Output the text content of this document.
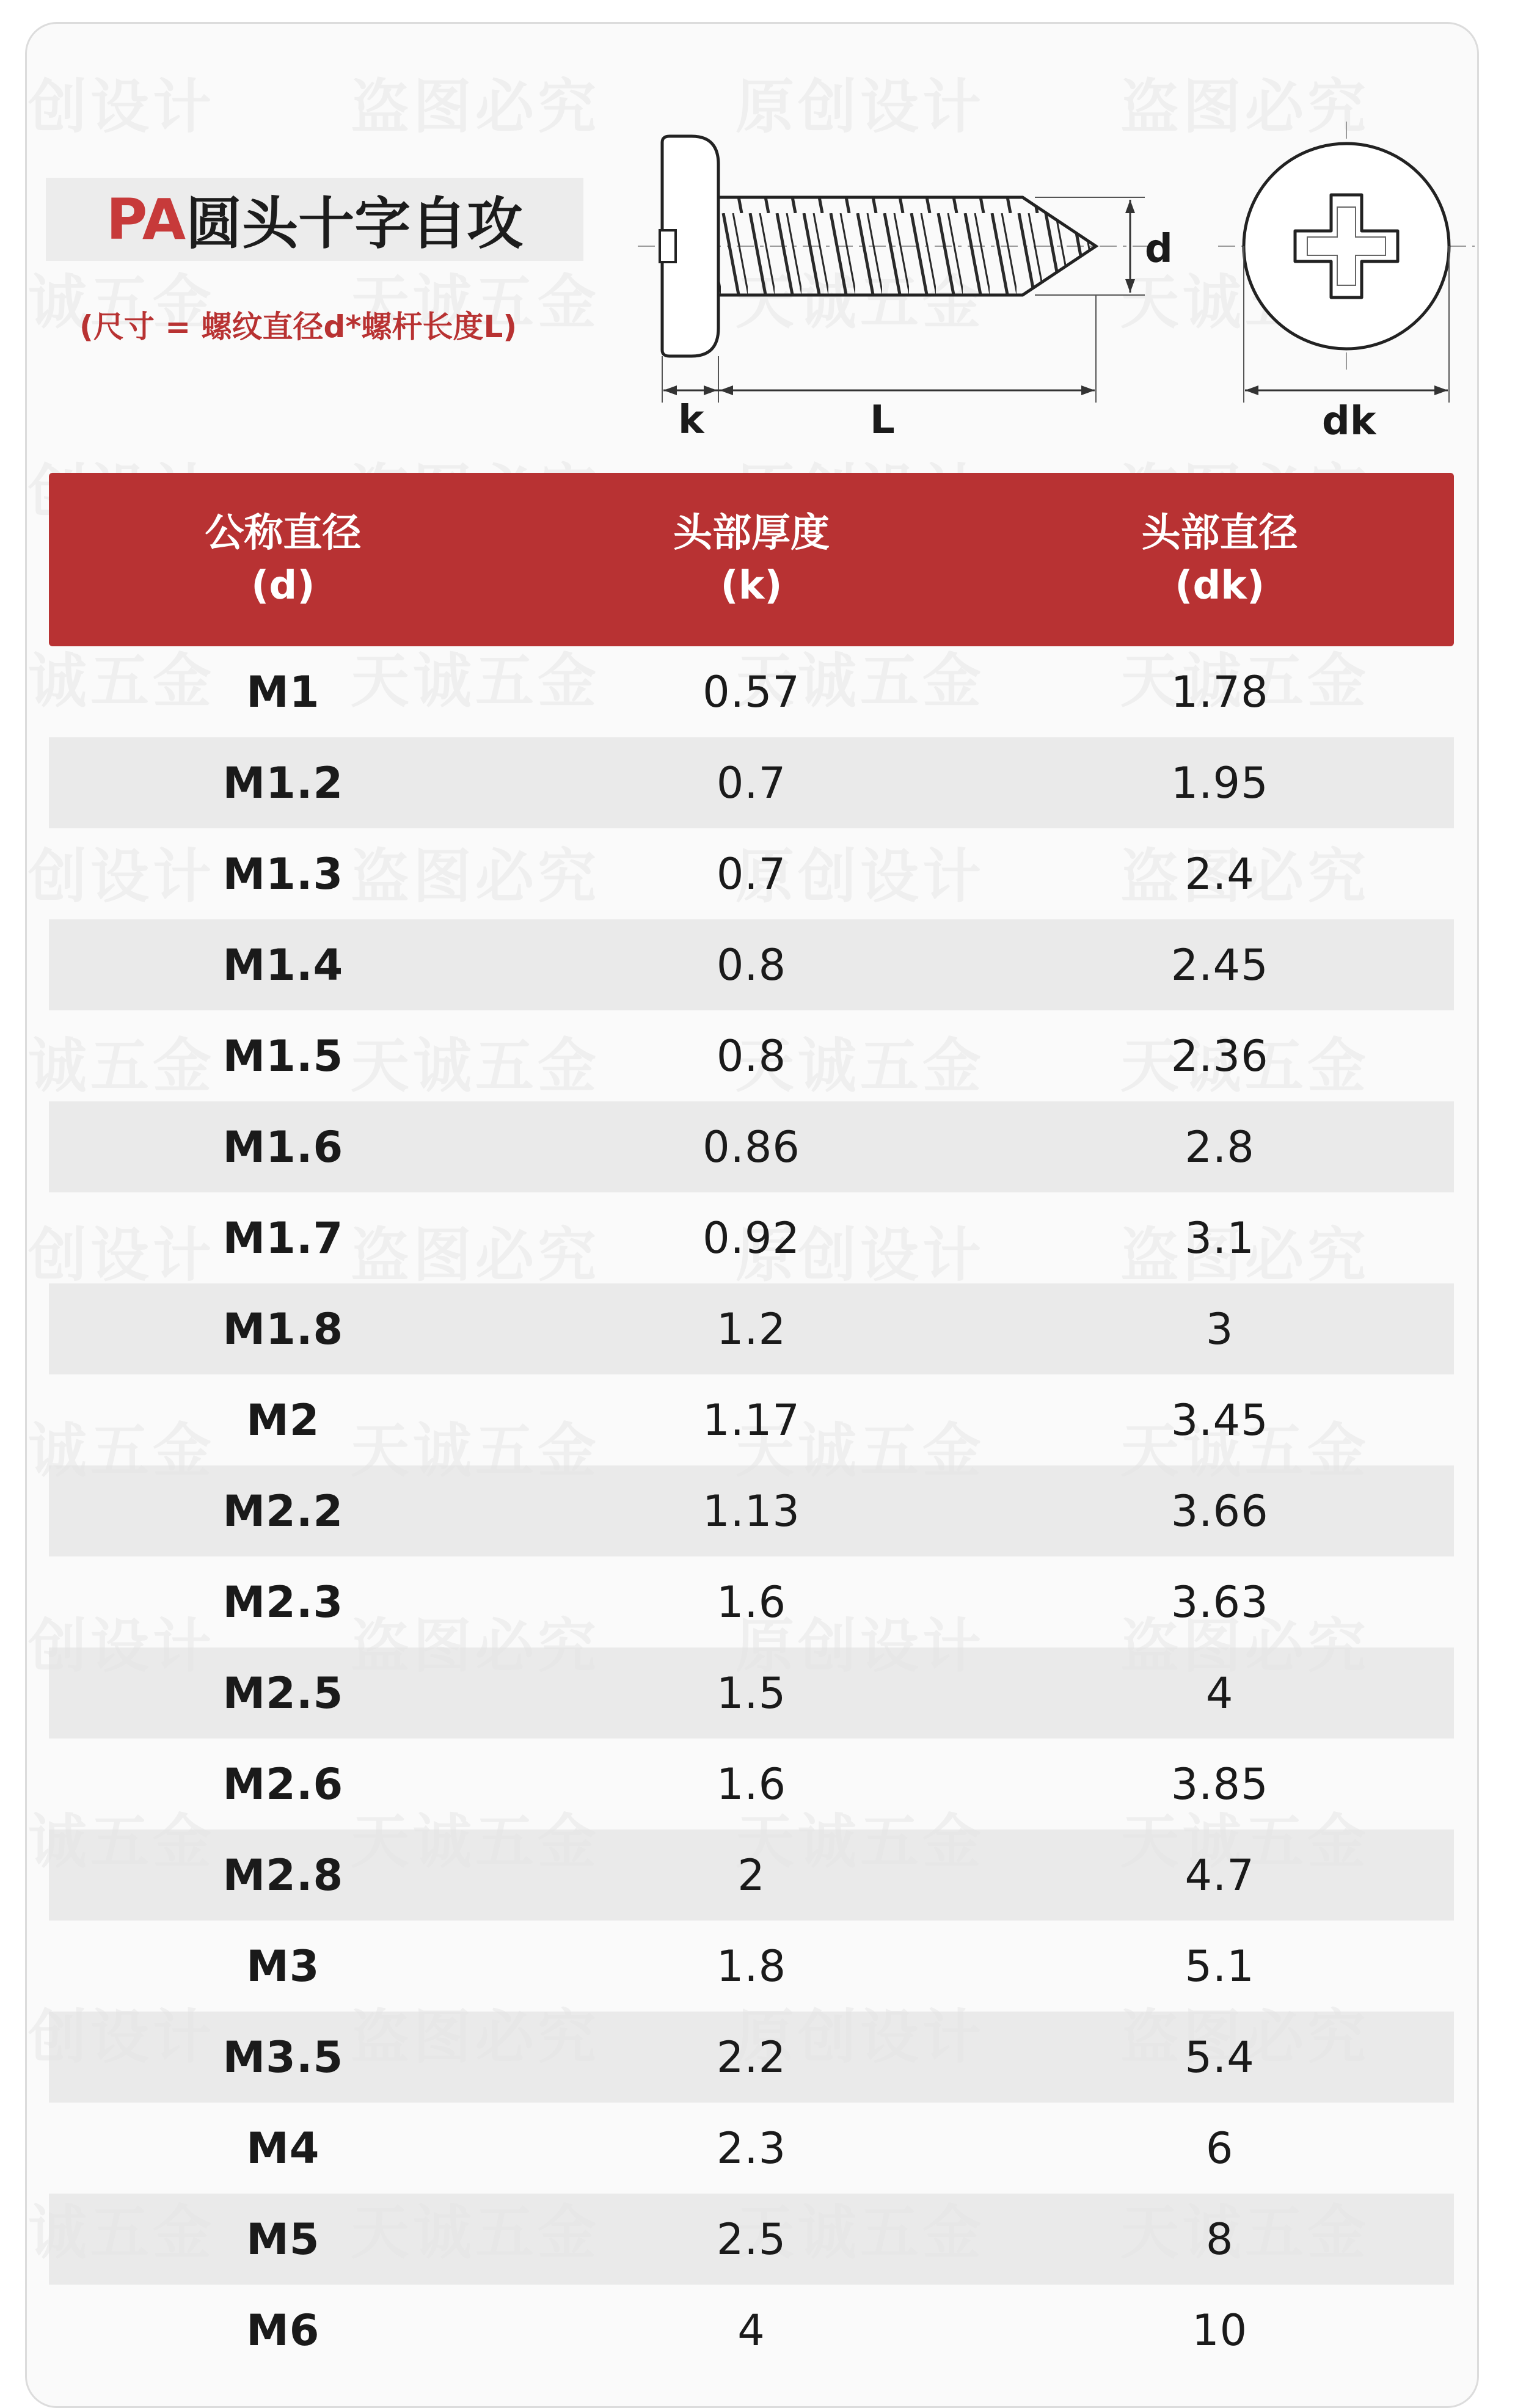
PA 圆头十字自攻
(尺寸 = 螺纹直径d*螺杆长度L)
d
k	L	dk
公称直径
(d)
头部厚度
(k)
头部直径
(dk)
M1	0.57	1.78
M1.2	0.7	1.95
M1.3	0.7	2.4
M1.4	0.8	2.45
M1.5	0.8	2.36
M1.6	0.86	2.8
M1.7	0.92	3.1
M1.8	1.2	3
M2	1.17	3.45
M2.2	1.13	3.66
M2.3	1.6	3.63
M2.5	1.5	4
M2.6	1.6	3.85
M2.8	2	4.7
M3	1.8	5.1
M3.5	2.2	5.4
M4	2.3	6
M5	2.5	8
M6	4	10
